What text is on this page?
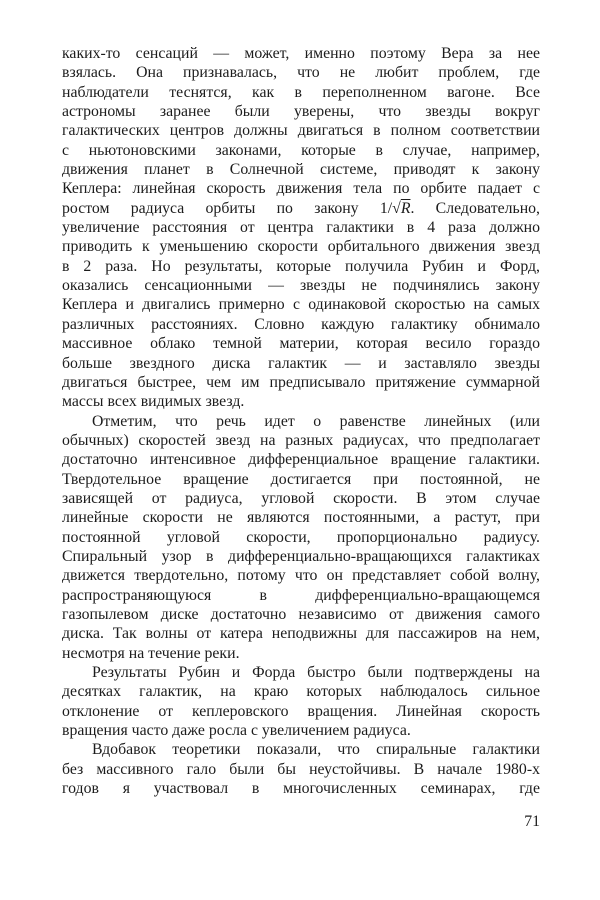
каких-то сенсаций — может, именно поэтому Вера за нее
взялась. Она признавалась, что не любит проблем, где
наблюдатели теснятся, как в переполненном вагоне. Все
астрономы заранее были уверены, что звезды вокруг
галактических центров должны двигаться в полном соответствии
с ньютоновскими законами, которые в случае, например,
движения планет в Солнечной системе, приводят к закону
Кеплера: линейная скорость движения тела по орбите падает с
ростом радиуса орбиты по закону 1/√R. Следовательно,
увеличение расстояния от центра галактики в 4 раза должно
приводить к уменьшению скорости орбитального движения звезд
в 2 раза. Но результаты, которые получила Рубин и Форд,
оказались сенсационными — звезды не подчинялись закону
Кеплера и двигались примерно с одинаковой скоростью на самых
различных расстояниях. Словно каждую галактику обнимало
массивное облако темной материи, которая весило гораздо
больше звездного диска галактик — и заставляло звезды
двигаться быстрее, чем им предписывало притяжение суммарной
массы всех видимых звезд.
Отметим, что речь идет о равенстве линейных (или
обычных) скоростей звезд на разных радиусах, что предполагает
достаточно интенсивное дифференциальное вращение галактики.
Твердотельное вращение достигается при постоянной, не
зависящей от радиуса, угловой скорости. В этом случае
линейные скорости не являются постоянными, а растут, при
постоянной угловой скорости, пропорционально радиусу.
Спиральный узор в дифференциально-вращающихся галактиках
движется твердотельно, потому что он представляет собой волну,
распространяющуюся в дифференциально-вращающемся
газопылевом диске достаточно независимо от движения самого
диска. Так волны от катера неподвижны для пассажиров на нем,
несмотря на течение реки.
Результаты Рубин и Форда быстро были подтверждены на
десятках галактик, на краю которых наблюдалось сильное
отклонение от кеплеровского вращения. Линейная скорость
вращения часто даже росла с увеличением радиуса.
Вдобавок теоретики показали, что спиральные галактики
без массивного гало были бы неустойчивы. В начале 1980-х
годов я участвовал в многочисленных семинарах, где
71
